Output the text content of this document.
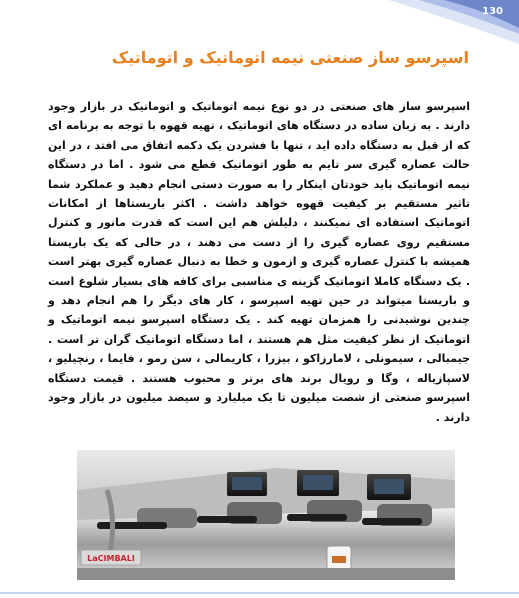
130
اسپرسو ساز صنعتی نیمه اتوماتیک و اتوماتیک

اسپرسو ساز های صنعتی در دو نوع نیمه اتوماتیک و اتوماتیک در بازار وجود دارند . به زبان ساده در دستگاه های اتوماتیک ، تهیه قهوه با توجه به برنامه ای که از قبل به دستگاه داده اید ، تنها با فشردن یک دکمه اتفاق می افتد ، در این حالت عصاره گیری سر تایم به طور اتوماتیک قطع می شود . اما در دستگاه نیمه اتوماتیک باید خودتان اینکار را به صورت دستی انجام دهید و عملکرد شما تاثیر مستقیم بر کیفیت قهوه خواهد داشت . اکثر باریستاها از امکانات اتوماتیک استفاده ای نمیکنند ، دلیلش هم این است که قدرت مانور و کنترل مستقیم روی عصاره گیری را از دست می دهند ، در حالی که یک باریستا همیشه با کنترل عصاره گیری و ازمون و خطا به دنبال عصاره گیری بهتر است . یک دستگاه کاملا اتوماتیک گزینه ی مناسبی برای کافه های بسیار شلوغ است و باریستا میتواند در حین تهیه اسپرسو ، کار های دیگر را هم انجام دهد و چندین نوشیدنی را همزمان تهیه کند . یک دستگاه اسپرسو نیمه اتوماتیک و اتوماتیک از نظر کیفیت مثل هم هستند ، اما دستگاه اتوماتیک گران تر است . جیمبالی ، سیمونلی ، لامارزاکو ، بیزرا ، کاریمالی ، سن رمو ، فایما ، رنچیلیو ، لاسپازیاله ، وگا و رویال برند های برتر و محبوب هستند . قیمت دستگاه اسپرسو صنعتی از شصت میلیون تا یک میلیارد و سیصد میلیون در بازار وجود دارند .

LaCIMBALI
